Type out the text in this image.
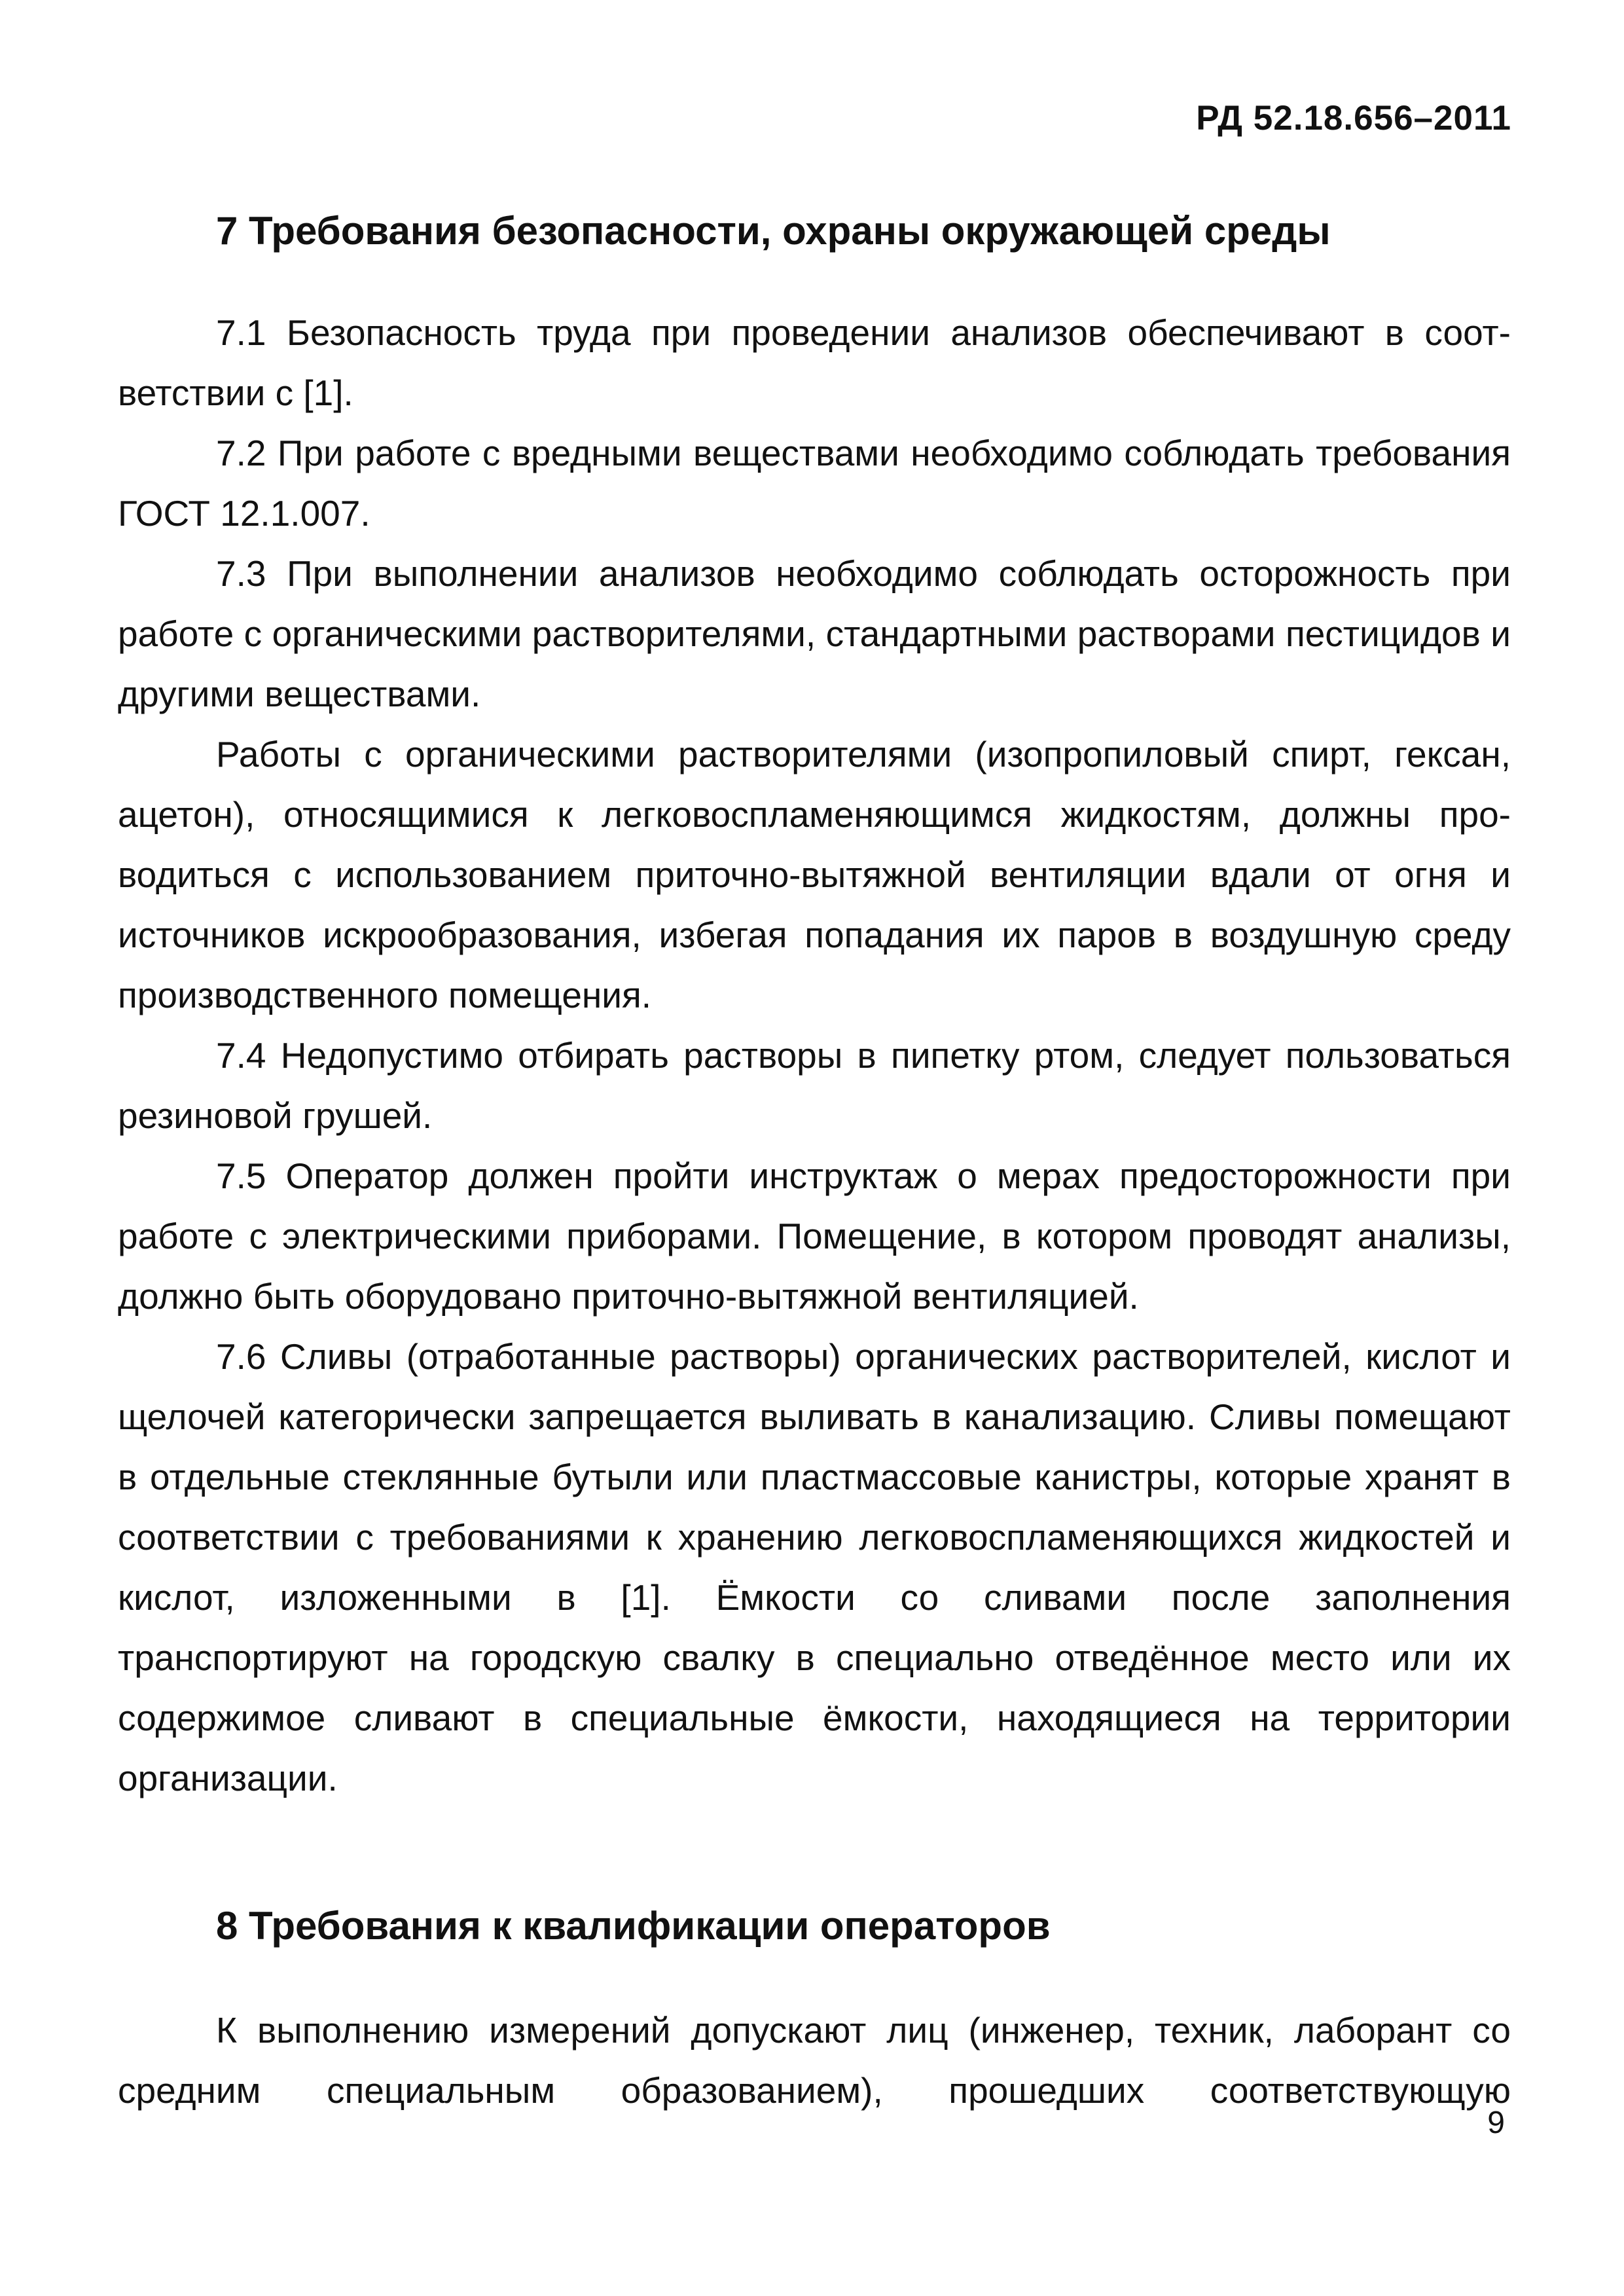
РД 52.18.656–2011
7 Требования безопасности, охраны окружающей среды

7.1 Безопасность труда при проведении анализов обеспечивают в соответствии с [1].

7.2 При работе с вредными веществами необходимо соблюдать требования ГОСТ 12.1.007.

7.3 При выполнении анализов необходимо соблюдать осторожность при работе с органическими растворителями, стандартными растворами пестицидов и другими веществами.

Работы с органическими растворителями (изопропиловый спирт, гексан, ацетон), относящимися к легковоспламеняющимся жидкостям, должны проводиться с использованием приточно-вытяжной вентиляции вдали от огня и источников искрообразования, избегая попадания их паров в воздушную среду производственного помещения.

7.4 Недопустимо отбирать растворы в пипетку ртом, следует пользоваться резиновой грушей.

7.5 Оператор должен пройти инструктаж о мерах предосторожности при работе с электрическими приборами. Помещение, в котором проводят анализы, должно быть оборудовано приточно-вытяжной вентиляцией.

7.6 Сливы (отработанные растворы) органических растворителей, кислот и щелочей категорически запрещается выливать в канализацию. Сливы помещают в отдельные стеклянные бутыли или пластмассовые канистры, которые хранят в соответствии с требованиями к хранению легковоспламеняющихся жидкостей и кислот, изложенными в [1]. Ёмкости со сливами после заполнения транспортируют на городскую свалку в специально отведённое место или их содержимое сливают в специальные ёмкости, находящиеся на территории организации.

8 Требования к квалификации операторов

К выполнению измерений допускают лиц (инженер, техник, лаборант со средним специальным образованием), прошедших соответствующую

9
